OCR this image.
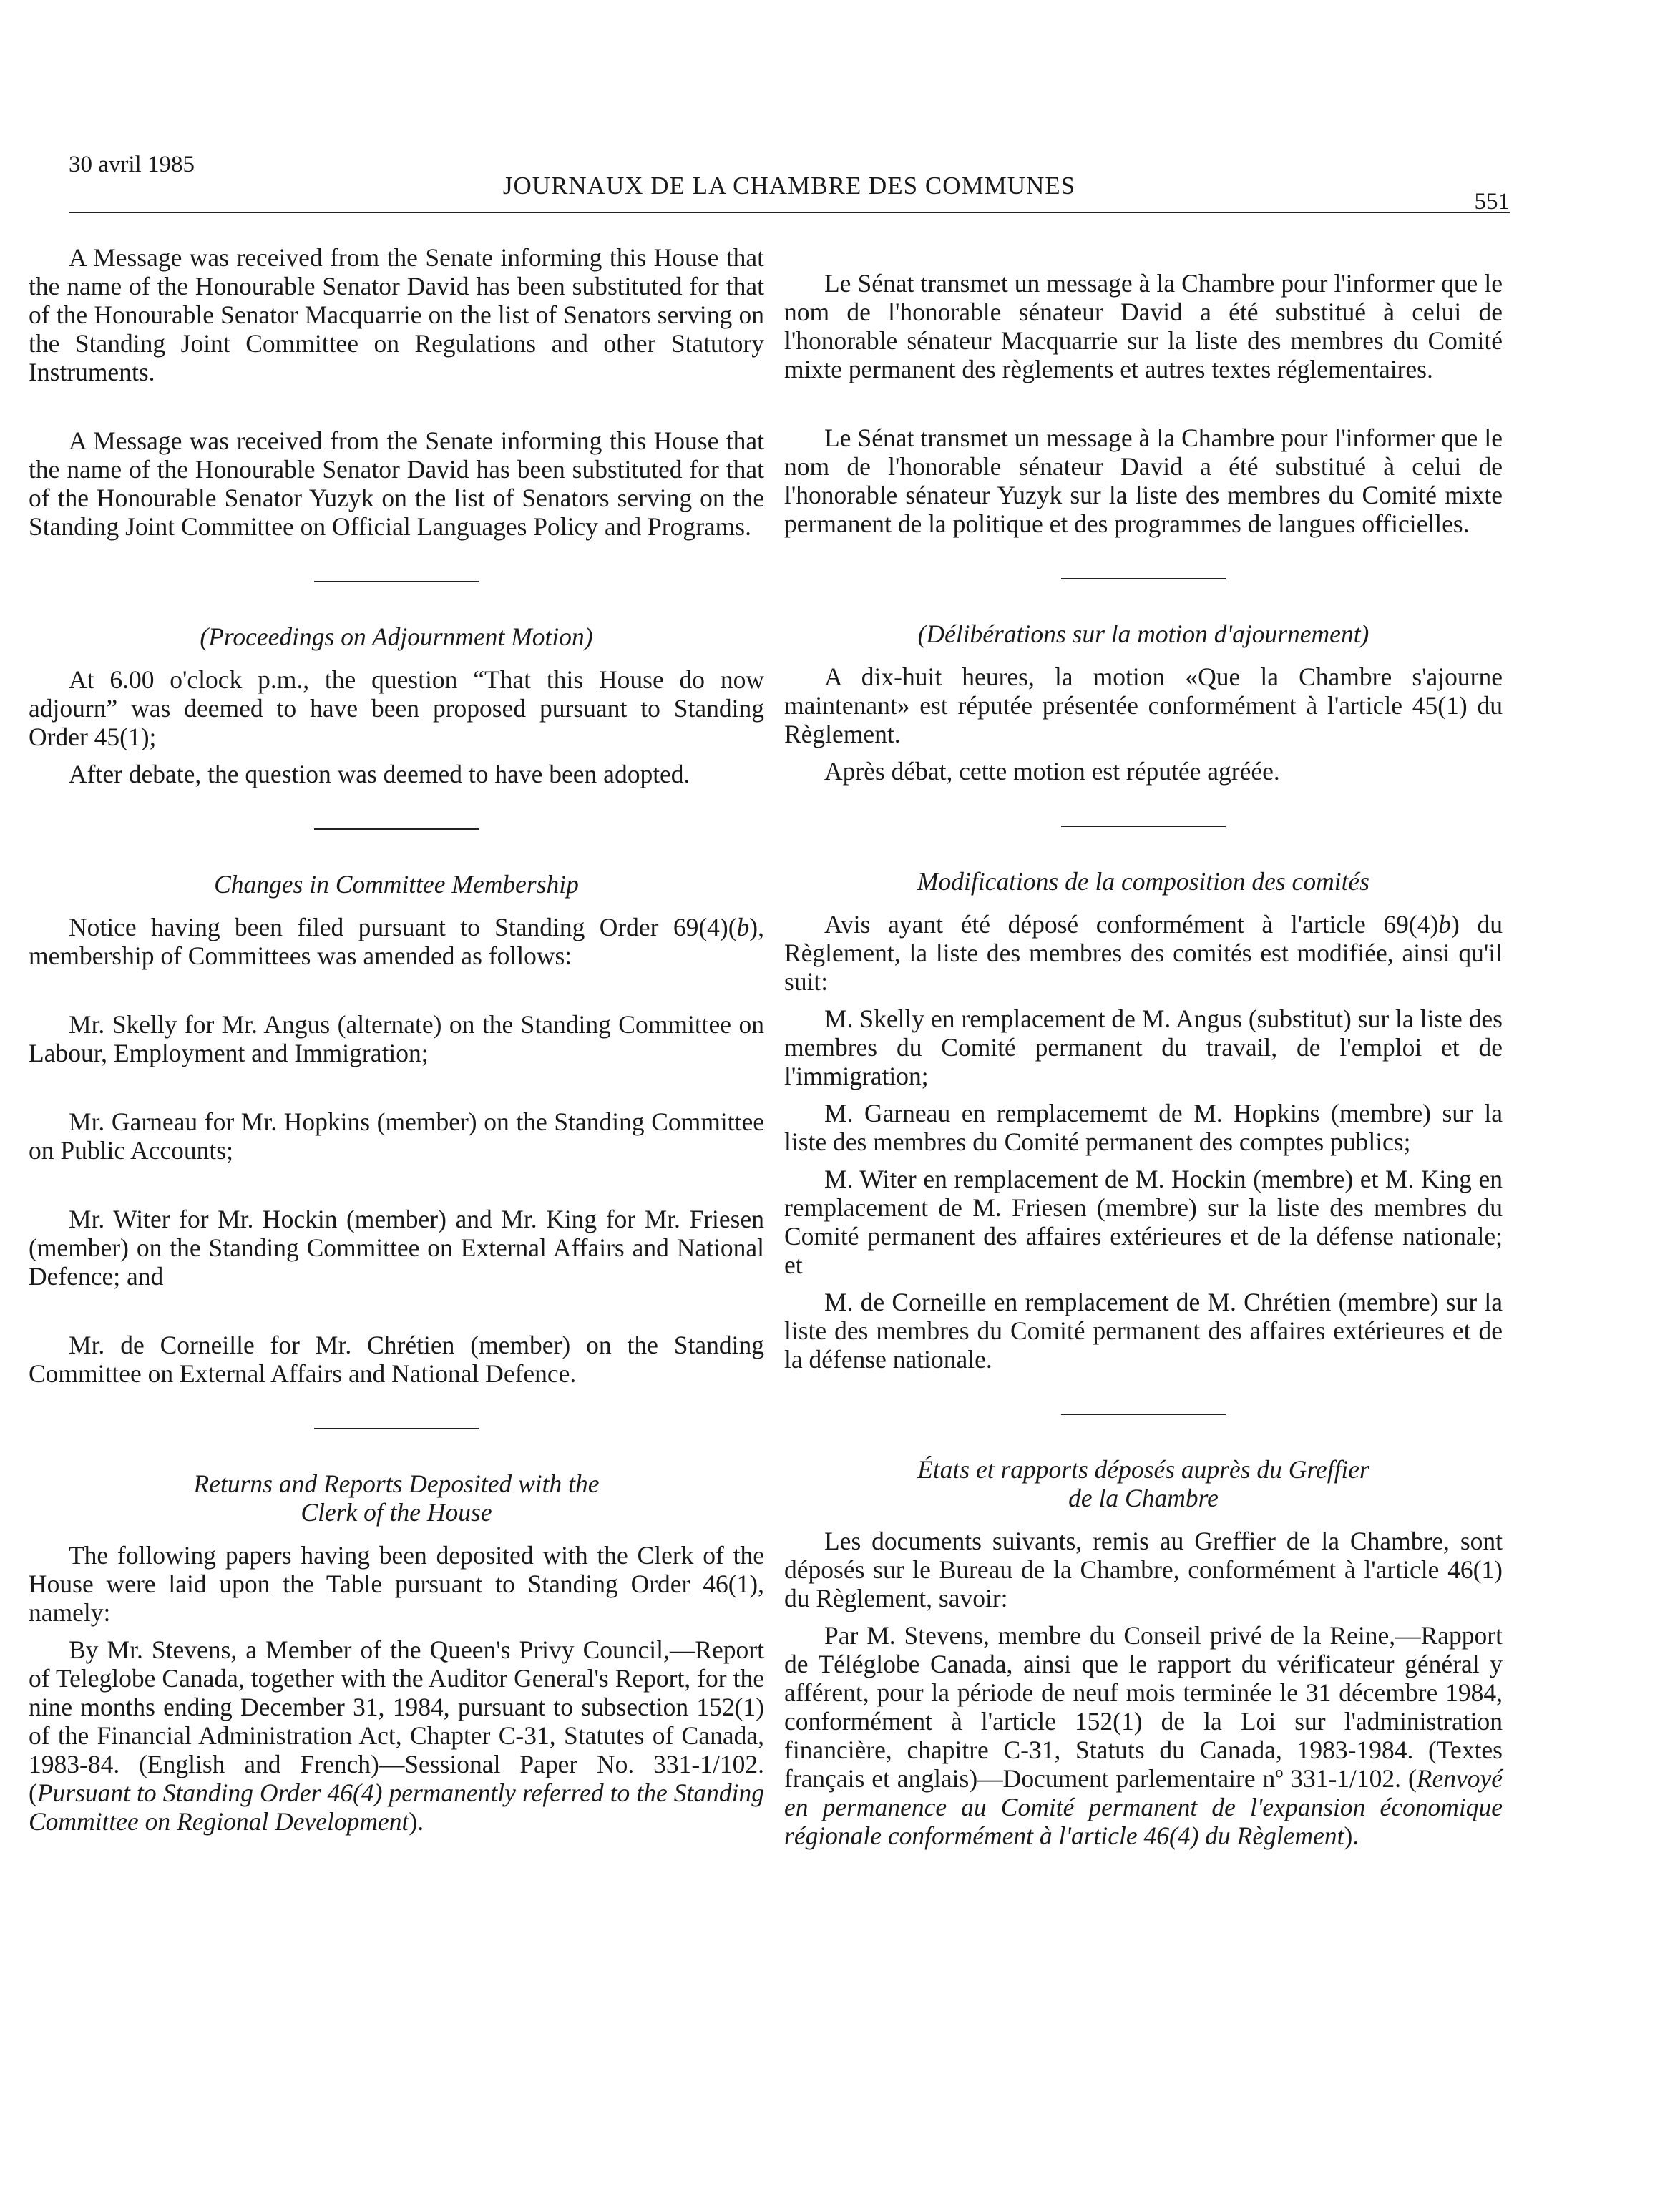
30 avril 1985
JOURNAUX DE LA CHAMBRE DES COMMUNES
551

A Message was received from the Senate informing this House that the name of the Honourable Senator David has been substituted for that of the Honourable Senator Macquarrie on the list of Senators serving on the Standing Joint Committee on Regulations and other Statutory Instruments.

A Message was received from the Senate informing this House that the name of the Honourable Senator David has been substituted for that of the Honourable Senator Yuzyk on the list of Senators serving on the Standing Joint Committee on Official Languages Policy and Programs.

(Proceedings on Adjournment Motion)

At 6.00 o'clock p.m., the question “That this House do now adjourn” was deemed to have been proposed pursuant to Standing Order 45(1);

After debate, the question was deemed to have been adopted.

Changes in Committee Membership

Notice having been filed pursuant to Standing Order 69(4)(b), membership of Committees was amended as follows:

Mr. Skelly for Mr. Angus (alternate) on the Standing Committee on Labour, Employment and Immigration;

Mr. Garneau for Mr. Hopkins (member) on the Standing Committee on Public Accounts;

Mr. Witer for Mr. Hockin (member) and Mr. King for Mr. Friesen (member) on the Standing Committee on External Affairs and National Defence; and

Mr. de Corneille for Mr. Chrétien (member) on the Standing Committee on External Affairs and National Defence.

Returns and Reports Deposited with the
Clerk of the House

The following papers having been deposited with the Clerk of the House were laid upon the Table pursuant to Standing Order 46(1), namely:

By Mr. Stevens, a Member of the Queen's Privy Council,—Report of Teleglobe Canada, together with the Auditor General's Report, for the nine months ending December 31, 1984, pursuant to subsection 152(1) of the Financial Administration Act, Chapter C-31, Statutes of Canada, 1983-84. (English and French)—Sessional Paper No. 331-1/102. (Pursuant to Standing Order 46(4) permanently referred to the Standing Committee on Regional Development).

Le Sénat transmet un message à la Chambre pour l'informer que le nom de l'honorable sénateur David a été substitué à celui de l'honorable sénateur Macquarrie sur la liste des membres du Comité mixte permanent des règlements et autres textes réglementaires.

Le Sénat transmet un message à la Chambre pour l'informer que le nom de l'honorable sénateur David a été substitué à celui de l'honorable sénateur Yuzyk sur la liste des membres du Comité mixte permanent de la politique et des programmes de langues officielles.

(Délibérations sur la motion d'ajournement)

A dix-huit heures, la motion «Que la Chambre s'ajourne maintenant» est réputée présentée conformément à l'article 45(1) du Règlement.

Après débat, cette motion est réputée agréée.

Modifications de la composition des comités

Avis ayant été déposé conformément à l'article 69(4)b) du Règlement, la liste des membres des comités est modifiée, ainsi qu'il suit:

M. Skelly en remplacement de M. Angus (substitut) sur la liste des membres du Comité permanent du travail, de l'emploi et de l'immigration;

M. Garneau en remplacememt de M. Hopkins (membre) sur la liste des membres du Comité permanent des comptes publics;

M. Witer en remplacement de M. Hockin (membre) et M. King en remplacement de M. Friesen (membre) sur la liste des membres du Comité permanent des affaires extérieures et de la défense nationale; et

M. de Corneille en remplacement de M. Chrétien (membre) sur la liste des membres du Comité permanent des affaires extérieures et de la défense nationale.

États et rapports déposés auprès du Greffier
de la Chambre

Les documents suivants, remis au Greffier de la Chambre, sont déposés sur le Bureau de la Chambre, conformément à l'article 46(1) du Règlement, savoir:

Par M. Stevens, membre du Conseil privé de la Reine,—Rapport de Téléglobe Canada, ainsi que le rapport du vérificateur général y afférent, pour la période de neuf mois terminée le 31 décembre 1984, conformément à l'article 152(1) de la Loi sur l'administration financière, chapitre C-31, Statuts du Canada, 1983-1984. (Textes français et anglais)—Document parlementaire nº 331-1/102. (Renvoyé en permanence au Comité permanent de l'expansion économique régionale conformément à l'article 46(4) du Règlement).
